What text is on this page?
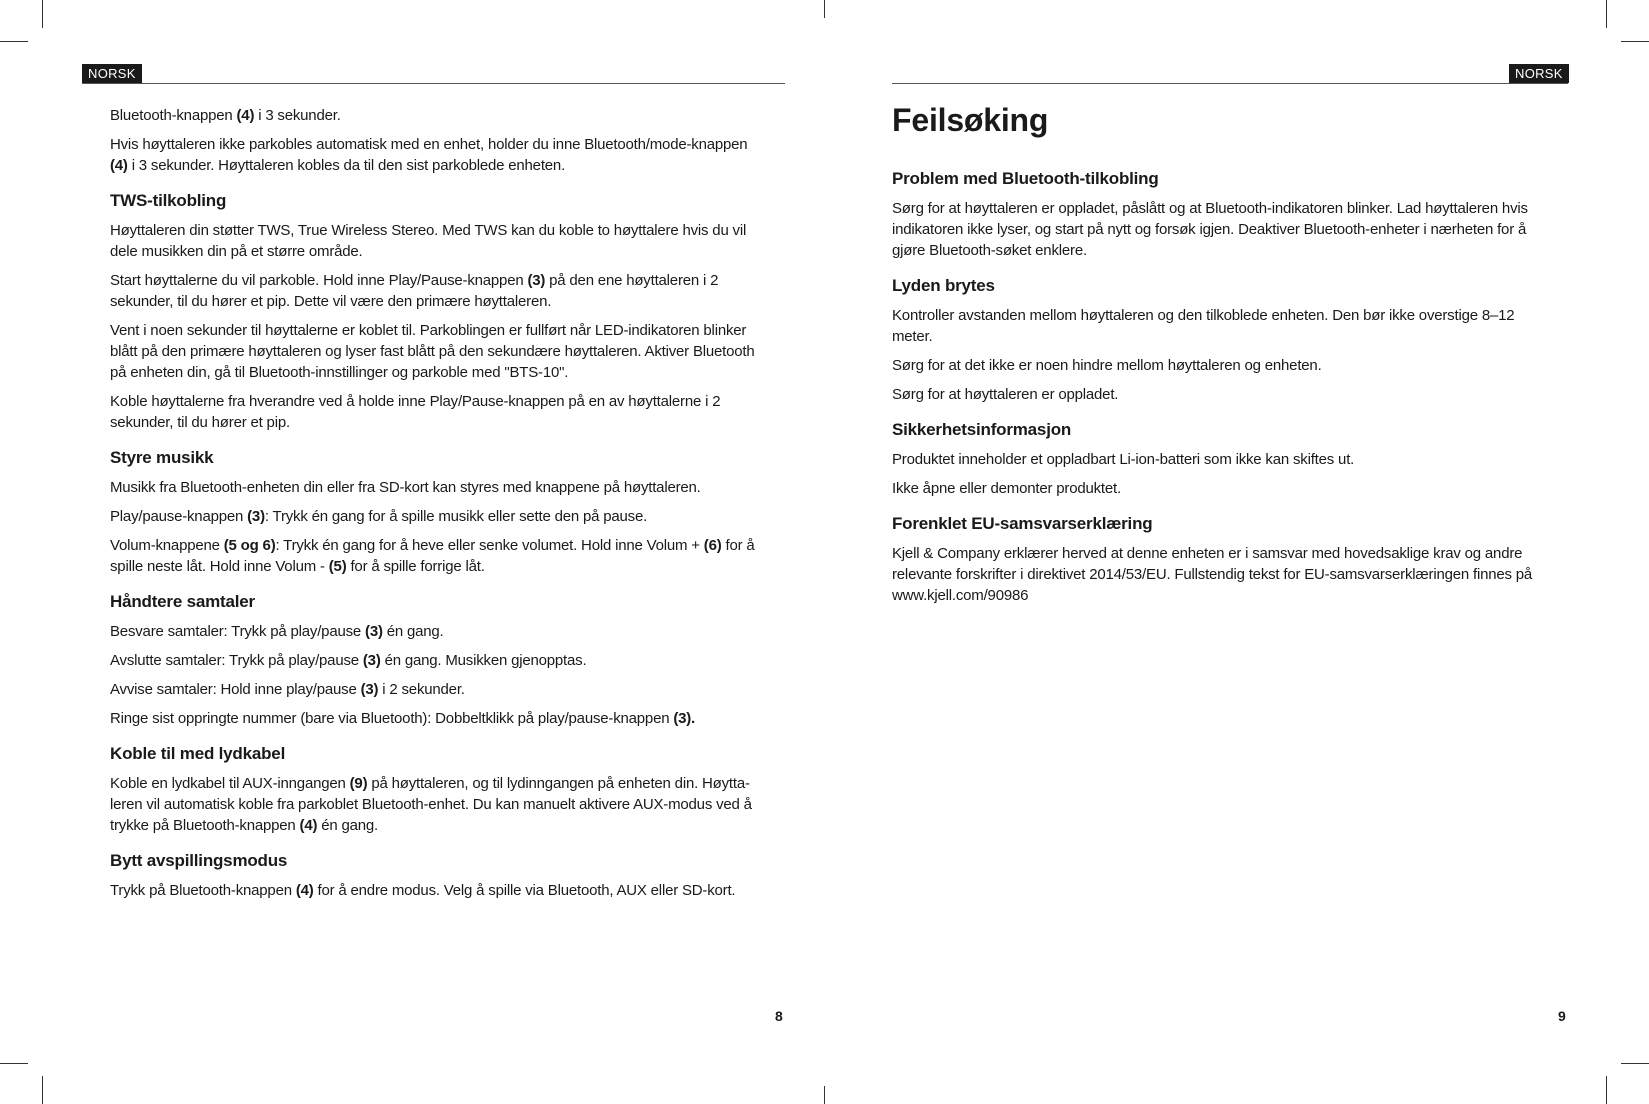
NORSK

Bluetooth-knappen (4) i 3 sekunder.

Hvis høyttaleren ikke parkobles automatisk med en enhet, holder du inne Bluetooth/mode-knappen (4) i 3 sekunder. Høyttaleren kobles da til den sist parkoblede enheten.

TWS-tilkobling

Høyttaleren din støtter TWS, True Wireless Stereo. Med TWS kan du koble to høyttalere hvis du vil dele musikken din på et større område.

Start høyttalerne du vil parkoble. Hold inne Play/Pause-knappen (3) på den ene høyttaleren i 2 sekunder, til du hører et pip. Dette vil være den primære høyttaleren.

Vent i noen sekunder til høyttalerne er koblet til. Parkoblingen er fullført når LED-indikatoren blinker blått på den primære høyttaleren og lyser fast blått på den sekundære høyttaleren. Aktiver Bluetooth på enheten din, gå til Bluetooth-innstillinger og parkoble med "BTS-10".

Koble høyttalerne fra hverandre ved å holde inne Play/Pause-knappen på en av høyttalerne i 2 sekunder, til du hører et pip.

Styre musikk

Musikk fra Bluetooth-enheten din eller fra SD-kort kan styres med knappene på høyttaleren.

Play/pause-knappen (3): Trykk én gang for å spille musikk eller sette den på pause.

Volum-knappene (5 og 6): Trykk én gang for å heve eller senke volumet. Hold inne Volum + (6) for å spille neste låt. Hold inne Volum - (5) for å spille forrige låt.

Håndtere samtaler

Besvare samtaler: Trykk på play/pause (3) én gang.

Avslutte samtaler: Trykk på play/pause (3) én gang. Musikken gjenopptas.

Avvise samtaler: Hold inne play/pause (3) i 2 sekunder.

Ringe sist oppringte nummer (bare via Bluetooth): Dobbeltklikk på play/pause-knappen (3).

Koble til med lydkabel

Koble en lydkabel til AUX-inngangen (9) på høyttaleren, og til lydinngangen på enheten din. Høytta-leren vil automatisk koble fra parkoblet Bluetooth-enhet. Du kan manuelt aktivere AUX-modus ved å trykke på Bluetooth-knappen (4) én gang.

Bytt avspillingsmodus

Trykk på Bluetooth-knappen (4) for å endre modus. Velg å spille via Bluetooth, AUX eller SD-kort.

8
NORSK
Feilsøking
Problem med Bluetooth-tilkobling

Sørg for at høyttaleren er oppladet, påslått og at Bluetooth-indikatoren blinker. Lad høyttaleren hvis indikatoren ikke lyser, og start på nytt og forsøk igjen. Deaktiver Bluetooth-enheter i nærheten for å gjøre Bluetooth-søket enklere.

Lyden brytes

Kontroller avstanden mellom høyttaleren og den tilkoblede enheten. Den bør ikke overstige 8–12 meter.

Sørg for at det ikke er noen hindre mellom høyttaleren og enheten.

Sørg for at høyttaleren er oppladet.

Sikkerhetsinformasjon

Produktet inneholder et oppladbart Li-ion-batteri som ikke kan skiftes ut.

Ikke åpne eller demonter produktet.

Forenklet EU-samsvarserklæring

Kjell & Company erklærer herved at denne enheten er i samsvar med hovedsaklige krav og andre relevante forskrifter i direktivet 2014/53/EU. Fullstendig tekst for EU-samsvarserklæringen finnes på www.kjell.com/90986

9
